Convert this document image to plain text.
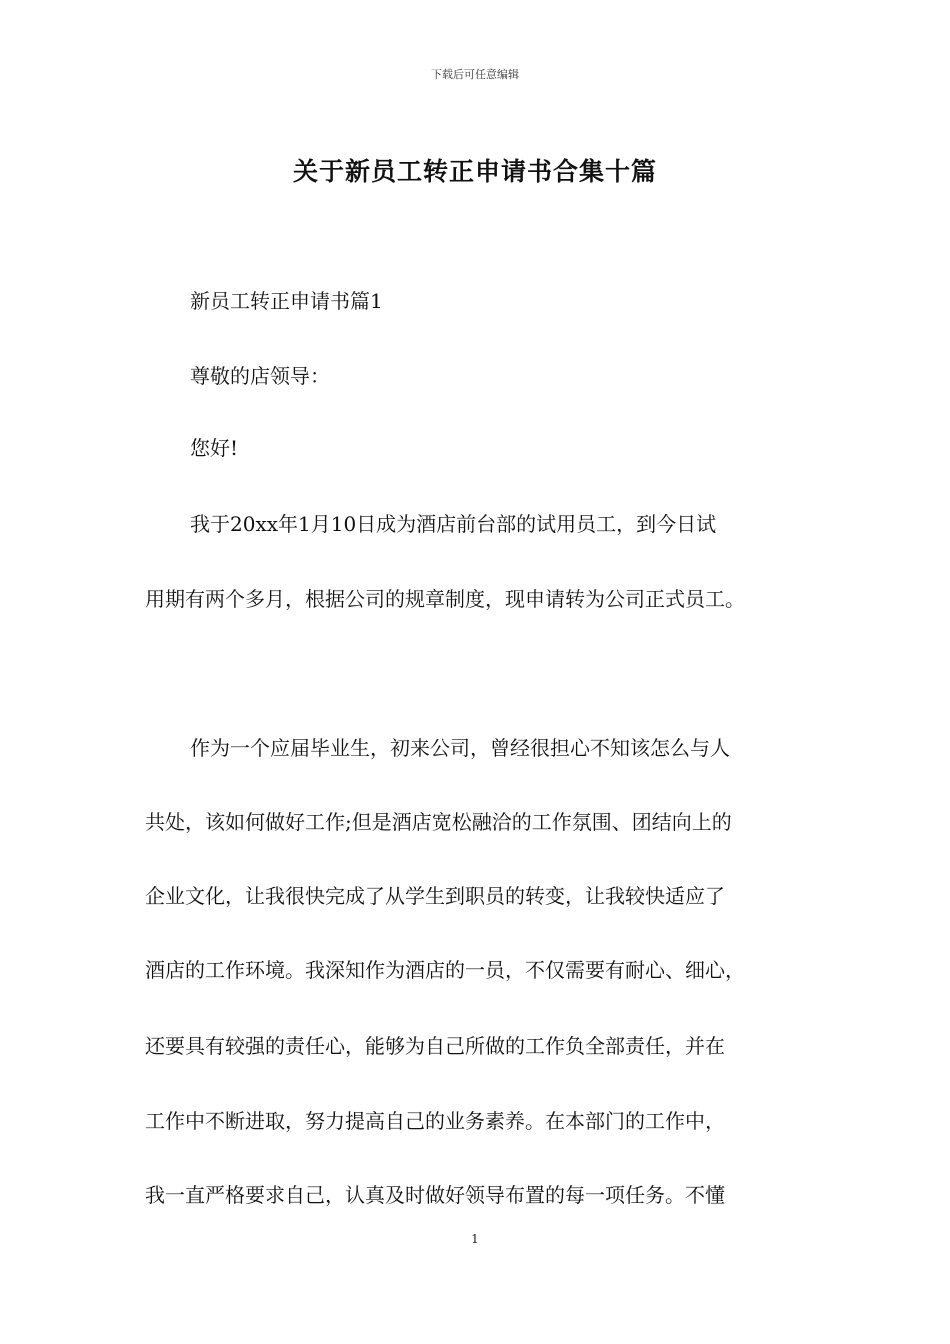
下载后可任意编辑
关于新员工转正申请书合集十篇
新员工转正申请书篇1
尊敬的店领导：
您好!
我于20xx年1月10日成为酒店前台部的试用员工，到今日试
用期有两个多月，根据公司的规章制度，现申请转为公司正式员工。
作为一个应届毕业生，初来公司，曾经很担心不知该怎么与人
共处，该如何做好工作;但是酒店宽松融洽的工作氛围、团结向上的
企业文化，让我很快完成了从学生到职员的转变，让我较快适应了
酒店的工作环境。我深知作为酒店的一员，不仅需要有耐心、细心，
还要具有较强的责任心，能够为自己所做的工作负全部责任，并在
工作中不断进取，努力提高自己的业务素养。在本部门的工作中，
我一直严格要求自己，认真及时做好领导布置的每一项任务。不懂
1
